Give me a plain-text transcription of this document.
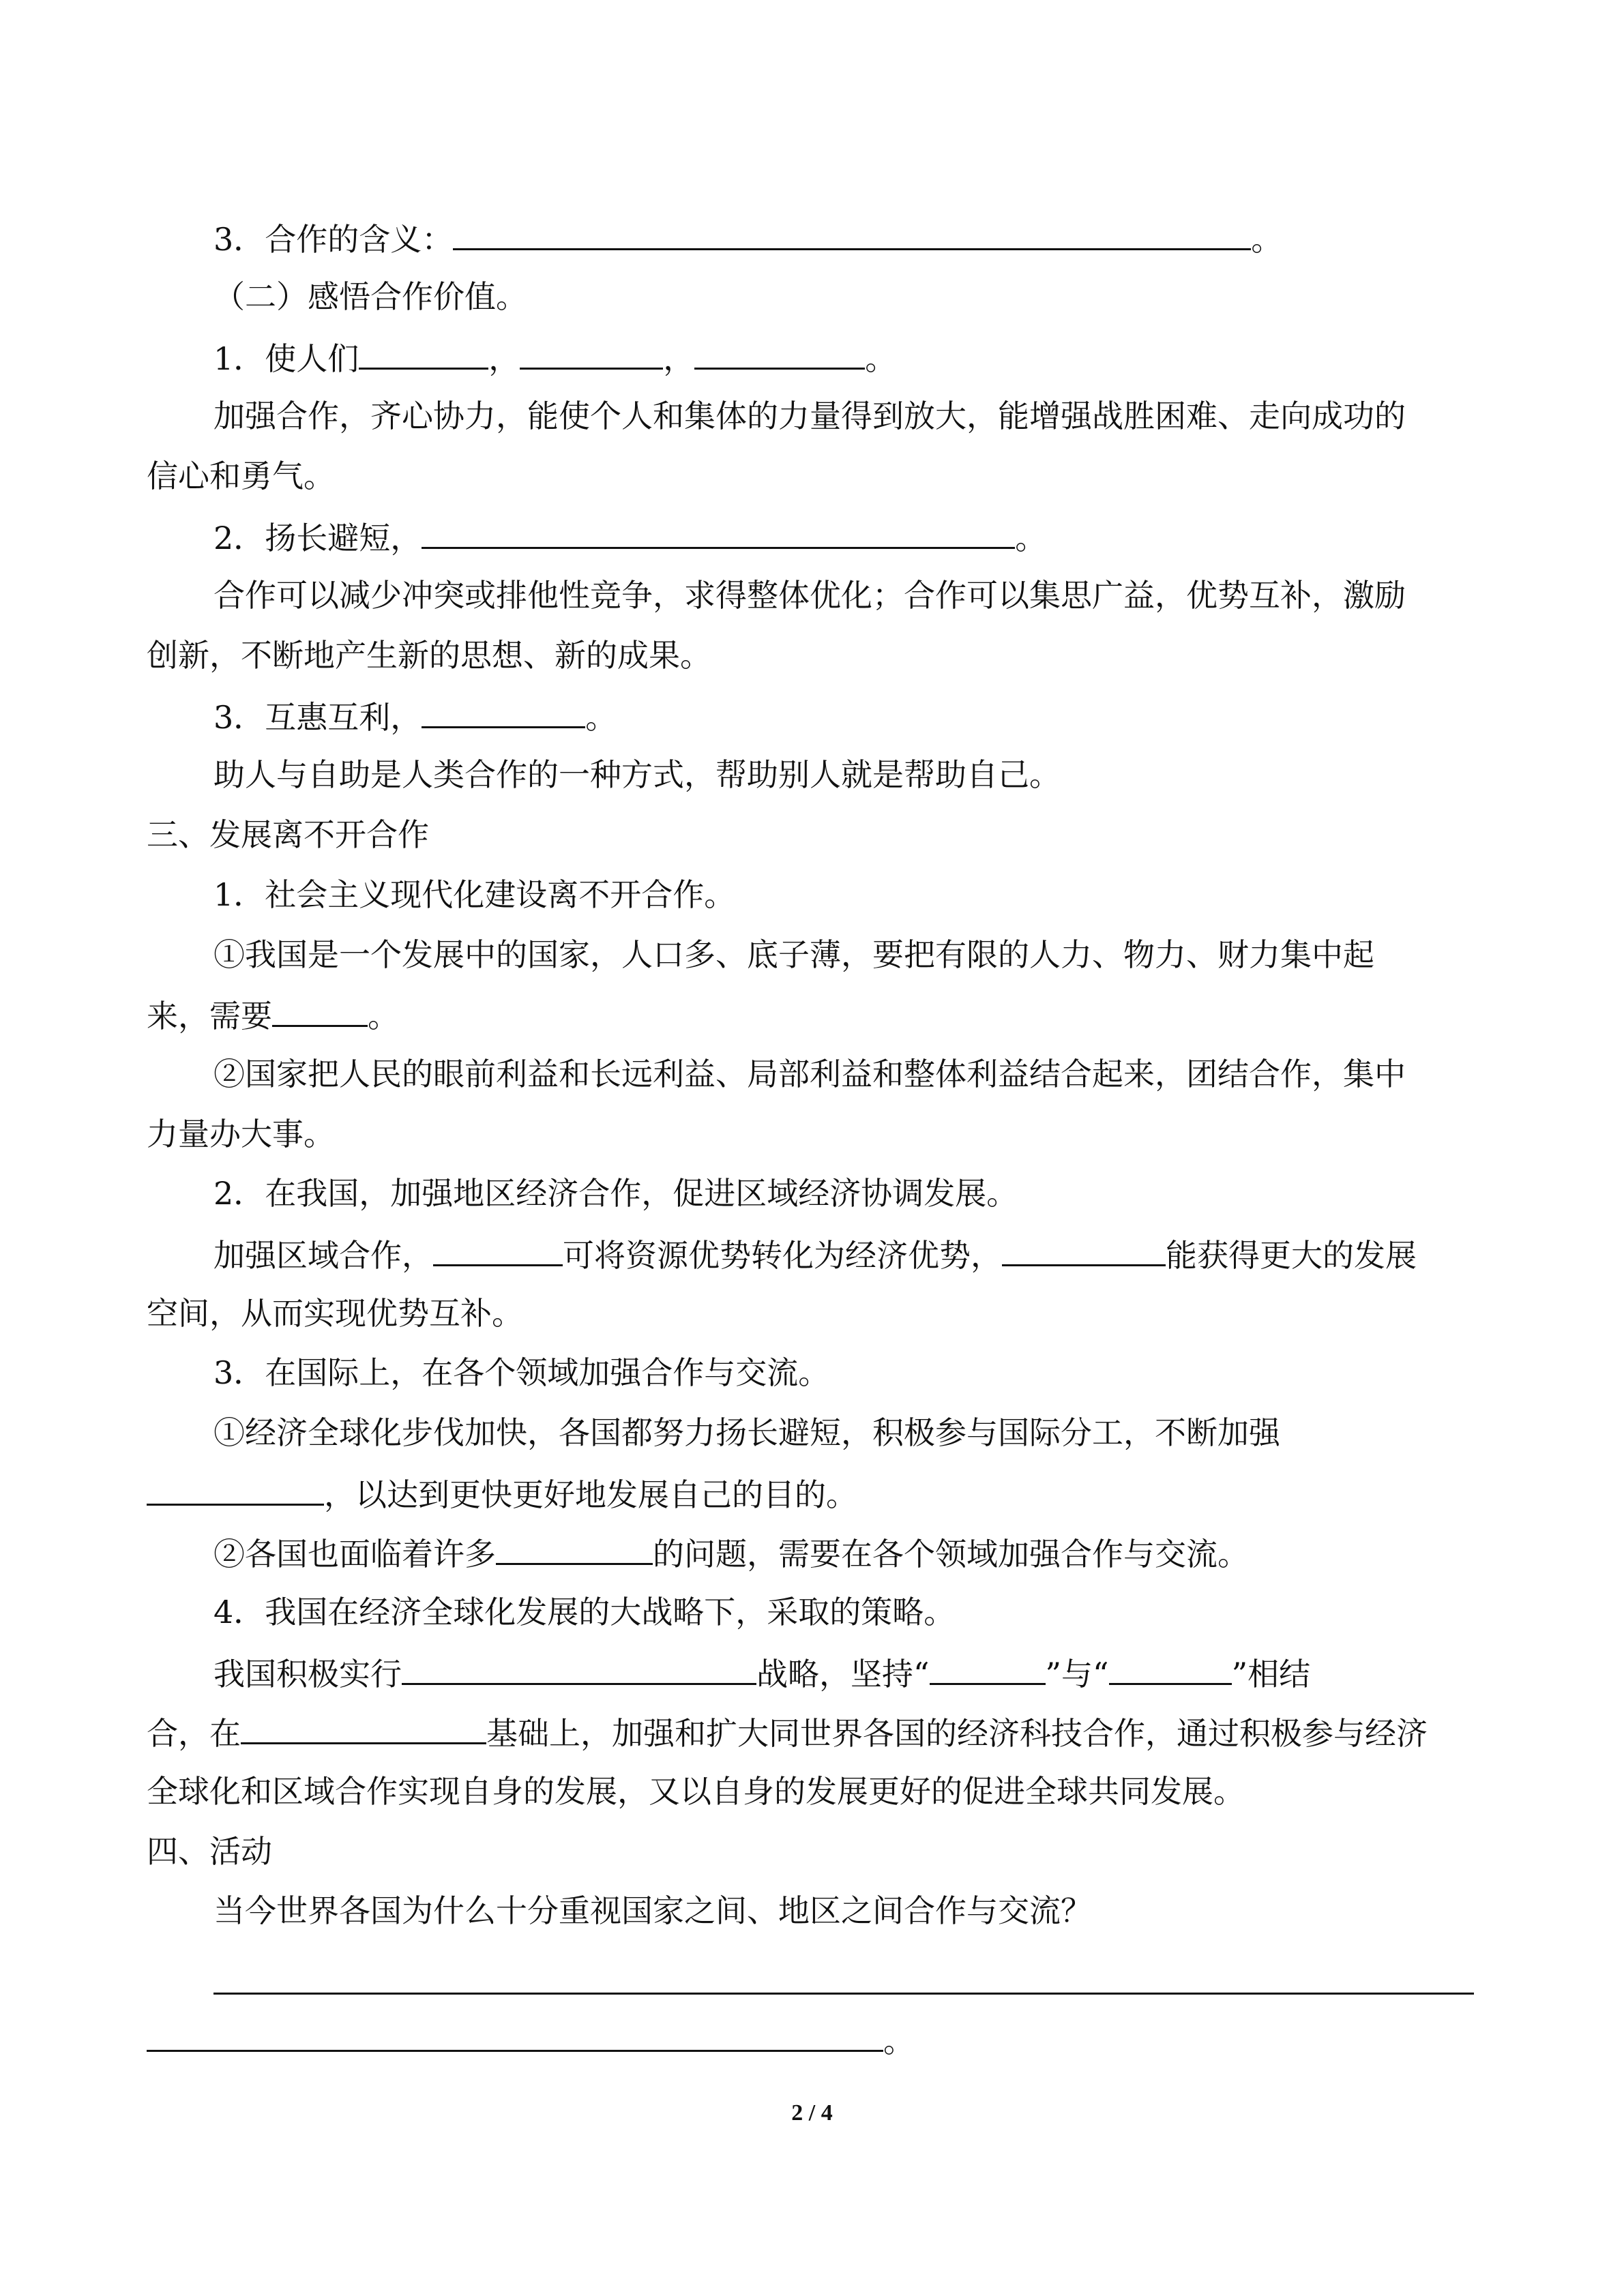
3．合作的含义：	。
（二）感悟合作价值。
1．使人们	，	，	。
加强合作，齐心协力，能使个人和集体的力量得到放大，能增强战胜困难、走向成功的
信心和勇气。
2．扬长避短，	。
合作可以减少冲突或排他性竞争，求得整体优化；合作可以集思广益，优势互补，激励
创新，不断地产生新的思想、新的成果。
3．互惠互利，	。
助人与自助是人类合作的一种方式，帮助别人就是帮助自己。
三、发展离不开合作
1．社会主义现代化建设离不开合作。
①我国是一个发展中的国家，人口多、底子薄，要把有限的人力、物力、财力集中起
来，需要	。
②国家把人民的眼前利益和长远利益、局部利益和整体利益结合起来，团结合作，集中
力量办大事。
2．在我国，加强地区经济合作，促进区域经济协调发展。
加强区域合作，	可将资源优势转化为经济优势，	能获得更大的发展
空间，从而实现优势互补。
3．在国际上，在各个领域加强合作与交流。
①经济全球化步伐加快，各国都努力扬长避短，积极参与国际分工，不断加强
，以达到更快更好地发展自己的目的。
②各国也面临着许多	的问题，需要在各个领域加强合作与交流。
4．我国在经济全球化发展的大战略下，采取的策略。
我国积极实行	战略，坚持“	”与“	”相结
合，在	基础上，加强和扩大同世界各国的经济科技合作，通过积极参与经济
全球化和区域合作实现自身的发展，又以自身的发展更好的促进全球共同发展。
四、活动
当今世界各国为什么十分重视国家之间、地区之间合作与交流？
。
2 / 4
